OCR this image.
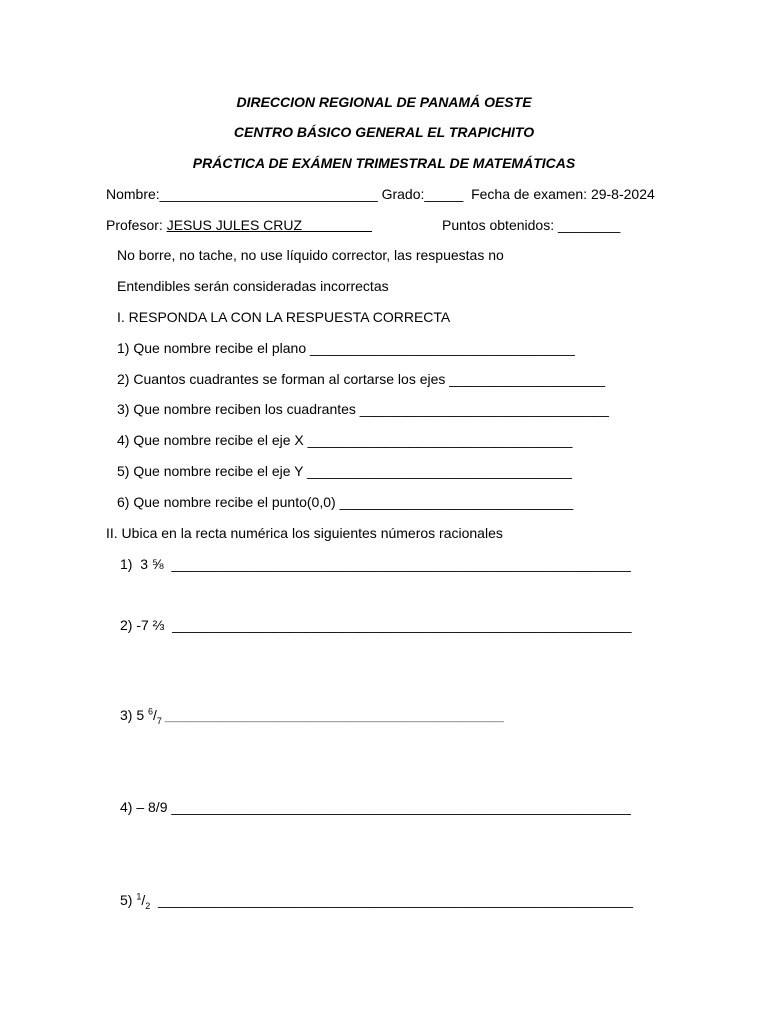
DIRECCION REGIONAL DE PANAMÁ OESTE
CENTRO BÁSICO GENERAL EL TRAPICHITO
PRÁCTICA DE EXÁMEN TRIMESTRAL DE MATEMÁTICAS
Nombre:____________________________ Grado:_____  Fecha de examen: 29-8-2024
Profesor: JESUS JULES CRUZ	Puntos obtenidos: ________
No borre, no tache, no use líquido corrector, las respuestas no
Entendibles serán consideradas incorrectas
I. RESPONDA LA CON LA RESPUESTA CORRECTA
1) Que nombre recibe el plano __________________________________
2) Cuantos cuadrantes se forman al cortarse los ejes ____________________
3) Que nombre reciben los cuadrantes ________________________________
4) Que nombre recibe el eje X __________________________________
5) Que nombre recibe el eje Y __________________________________
6) Que nombre recibe el punto(0,0) ______________________________
II. Ubica en la recta numérica los siguientes números racionales
1)  3 ⅝  ___________________________________________________________
2) -7 ⅔  ___________________________________________________________
3) 5 $^6/_7$ _____________________________________________________________
4) – 8/9 ___________________________________________________________
5) $^1/_2$  _____________________________________________________________
